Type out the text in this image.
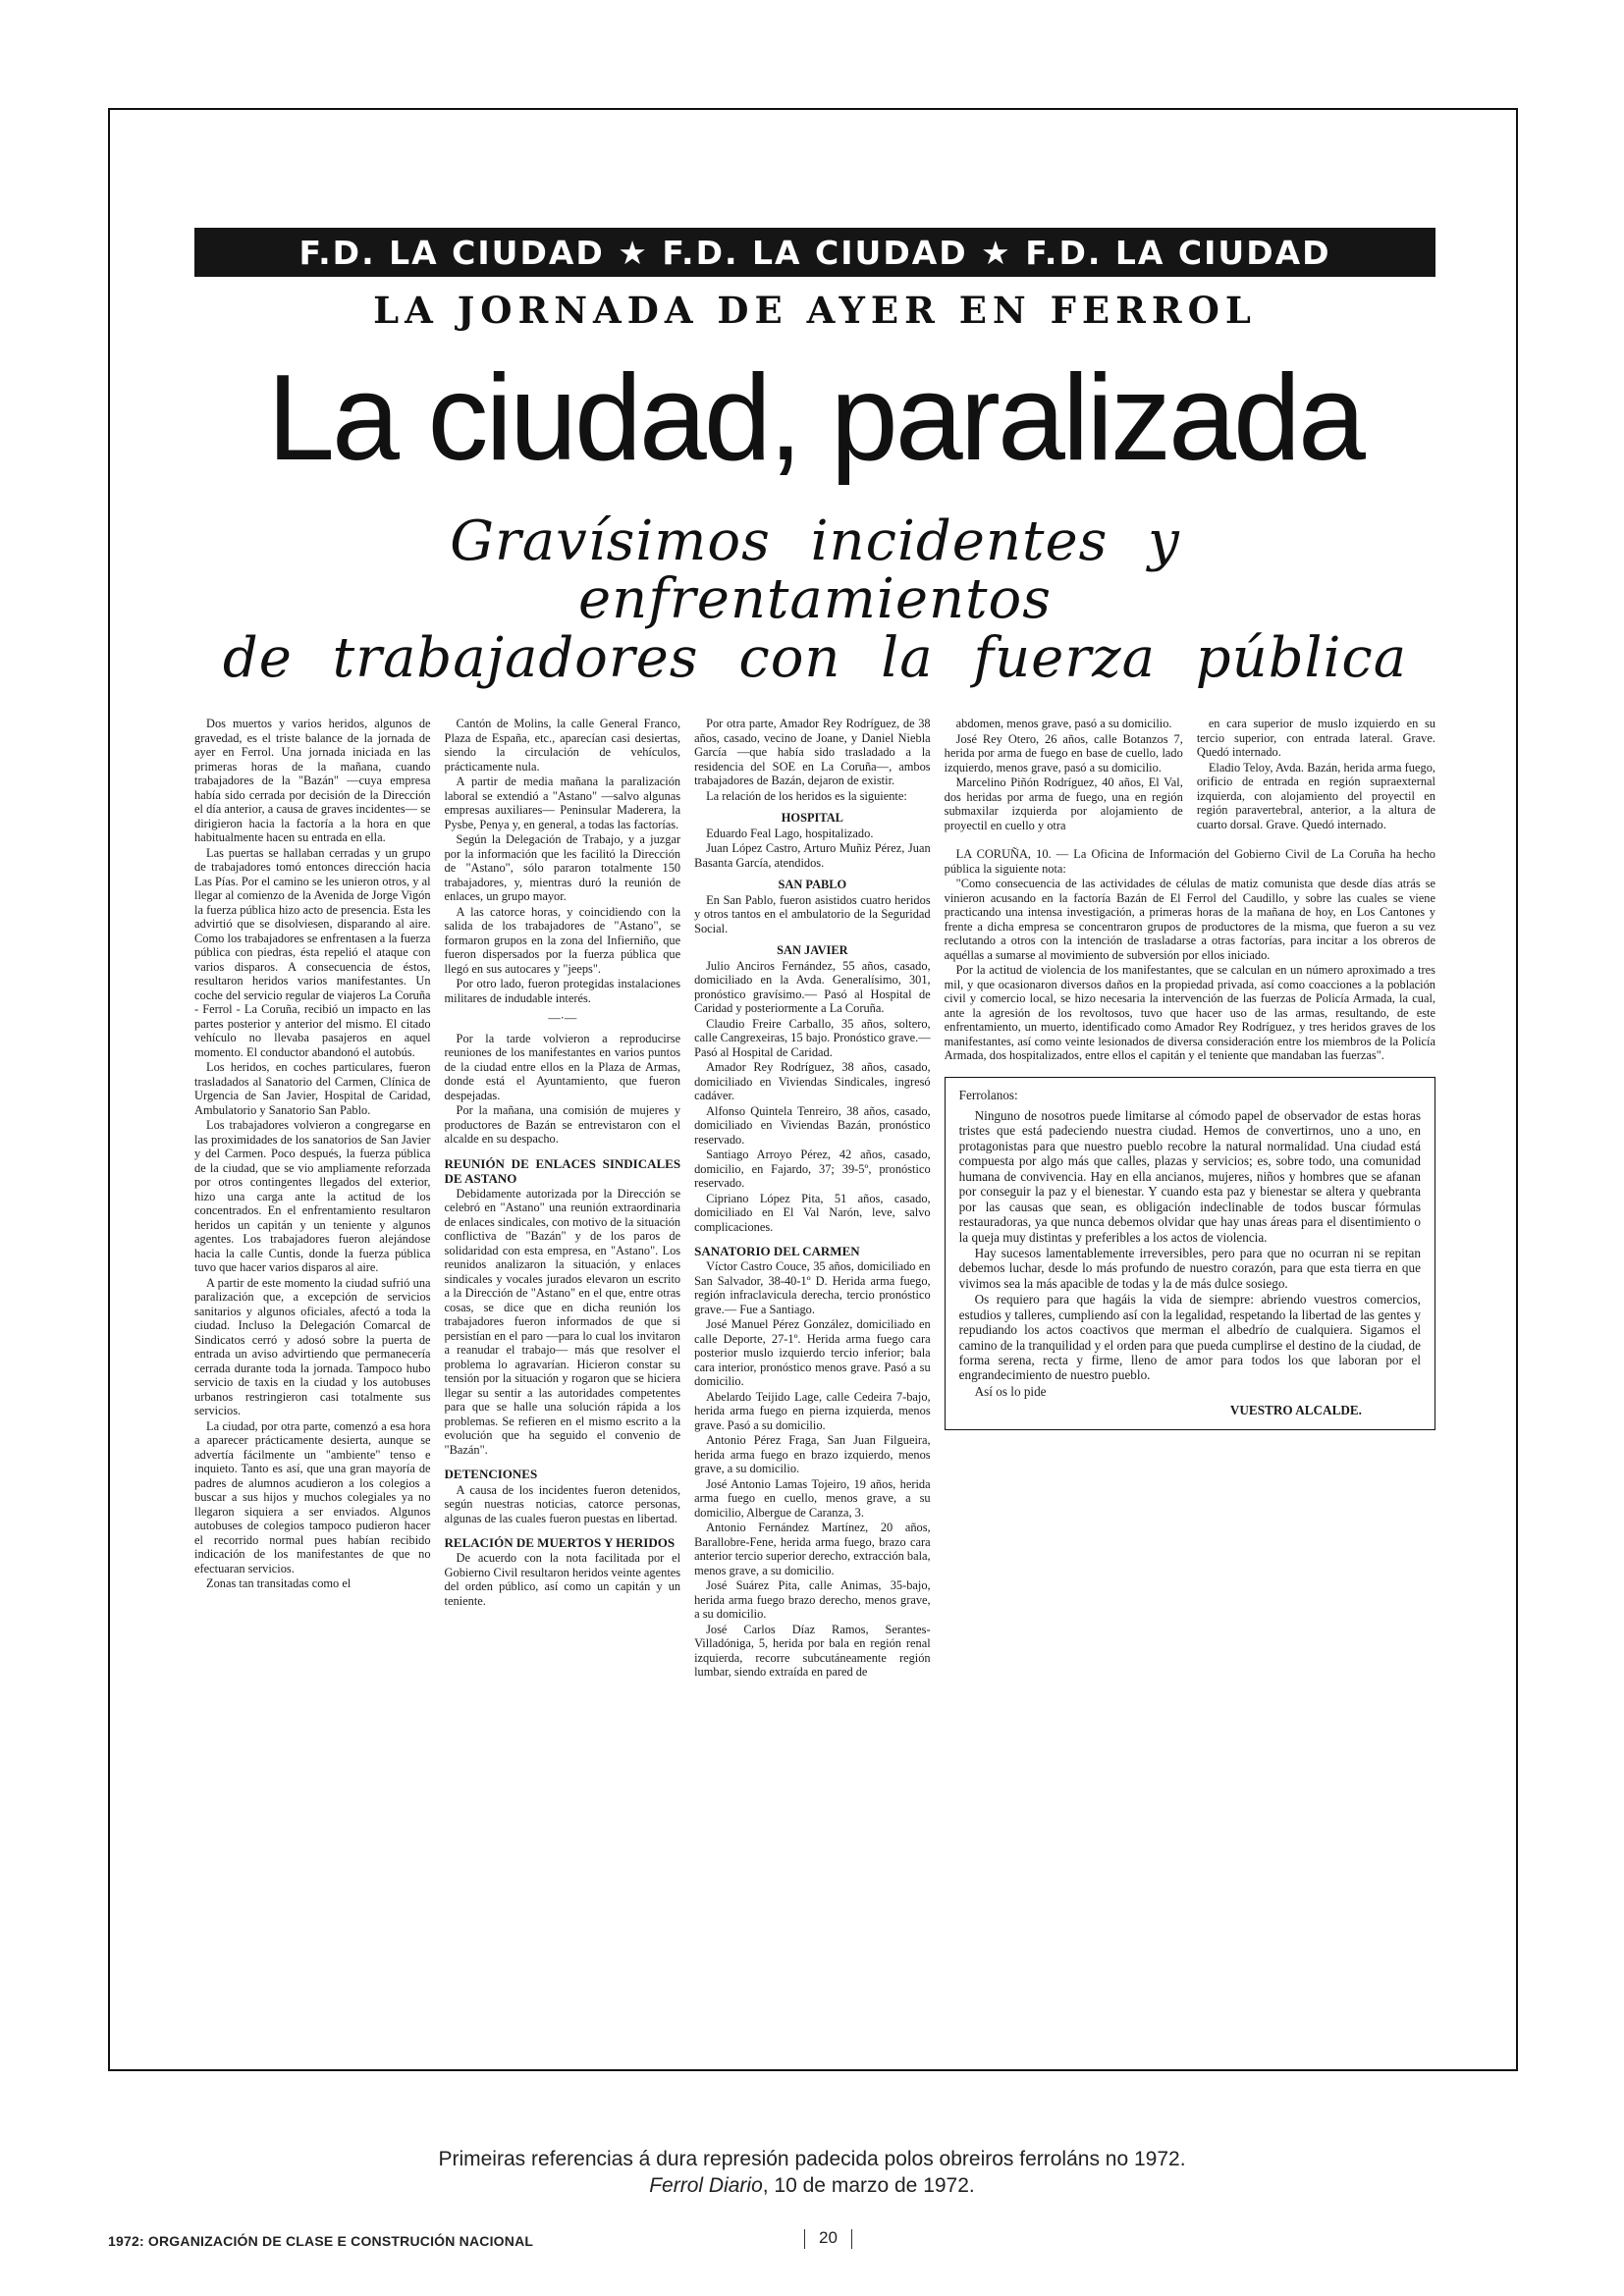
F.D. LA CIUDAD ★ F.D. LA CIUDAD ★ F.D. LA CIUDAD
LA JORNADA DE AYER EN FERROL
La ciudad, paralizada
Gravísimos incidentes y enfrentamientos
de trabajadores con la fuerza pública

Dos muertos y varios heridos, algunos de gravedad, es el triste balance de la jornada de ayer en Ferrol. Una jornada iniciada en las primeras horas de la mañana, cuando trabajadores de la "Bazán" —cuya empresa había sido cerrada por decisión de la Dirección el día anterior, a causa de graves incidentes— se dirigieron hacia la factoría a la hora en que habitualmente hacen su entrada en ella.

Las puertas se hallaban cerradas y un grupo de trabajadores tomó entonces dirección hacia Las Pías. Por el camino se les unieron otros, y al llegar al comienzo de la Avenida de Jorge Vigón la fuerza pública hizo acto de presencia. Esta les advirtió que se disolviesen, disparando al aire. Como los trabajadores se enfrentasen a la fuerza pública con piedras, ésta repelió el ataque con varios disparos. A consecuencia de éstos, resultaron heridos varios manifestantes. Un coche del servicio regular de viajeros La Coruña - Ferrol - La Coruña, recibió un impacto en las partes posterior y anterior del mismo. El citado vehículo no llevaba pasajeros en aquel momento. El conductor abandonó el autobús.

Los heridos, en coches particulares, fueron trasladados al Sanatorio del Carmen, Clínica de Urgencia de San Javier, Hospital de Caridad, Ambulatorio y Sanatorio San Pablo.

Los trabajadores volvieron a congregarse en las proximidades de los sanatorios de San Javier y del Carmen. Poco después, la fuerza pública de la ciudad, que se vio ampliamente reforzada por otros contingentes llegados del exterior, hizo una carga ante la actitud de los concentrados. En el enfrentamiento resultaron heridos un capitán y un teniente y algunos agentes. Los trabajadores fueron alejándose hacia la calle Cuntis, donde la fuerza pública tuvo que hacer varios disparos al aire.

A partir de este momento la ciudad sufrió una paralización que, a excepción de servicios sanitarios y algunos oficiales, afectó a toda la ciudad. Incluso la Delegación Comarcal de Sindicatos cerró y adosó sobre la puerta de entrada un aviso advirtiendo que permanecería cerrada durante toda la jornada. Tampoco hubo servicio de taxis en la ciudad y los autobuses urbanos restringieron casi totalmente sus servicios.

La ciudad, por otra parte, comenzó a esa hora a aparecer prácticamente desierta, aunque se advertía fácilmente un "ambiente" tenso e inquieto. Tanto es así, que una gran mayoría de padres de alumnos acudieron a los colegios a buscar a sus hijos y muchos colegiales ya no llegaron siquiera a ser enviados. Algunos autobuses de colegios tampoco pudieron hacer el recorrido normal pues habían recibido indicación de los manifestantes de que no efectuaran servicios.

Zonas tan transitadas como el

Cantón de Molins, la calle General Franco, Plaza de España, etc., aparecían casi desiertas, siendo la circulación de vehículos, prácticamente nula.

A partir de media mañana la paralización laboral se extendió a "Astano" —salvo algunas empresas auxiliares— Peninsular Maderera, la Pysbe, Penya y, en general, a todas las factorías.

Según la Delegación de Trabajo, y a juzgar por la información que les facilitó la Dirección de "Astano", sólo pararon totalmente 150 trabajadores, y, mientras duró la reunión de enlaces, un grupo mayor.

A las catorce horas, y coincidiendo con la salida de los trabajadores de "Astano", se formaron grupos en la zona del Infierniño, que fueron dispersados por la fuerza pública que llegó en sus autocares y "jeeps".

Por otro lado, fueron protegidas instalaciones militares de indudable interés.

—·—

Por la tarde volvieron a reproducirse reuniones de los manifestantes en varios puntos de la ciudad entre ellos en la Plaza de Armas, donde está el Ayuntamiento, que fueron despejadas.

Por la mañana, una comisión de mujeres y productores de Bazán se entrevistaron con el alcalde en su despacho.

REUNIÓN DE ENLACES SINDICALES DE ASTANO

Debidamente autorizada por la Dirección se celebró en "Astano" una reunión extraordinaria de enlaces sindicales, con motivo de la situación conflictiva de "Bazán" y de los paros de solidaridad con esta empresa, en "Astano". Los reunidos analizaron la situación, y enlaces sindicales y vocales jurados elevaron un escrito a la Dirección de "Astano" en el que, entre otras cosas, se dice que en dicha reunión los trabajadores fueron informados de que si persistían en el paro —para lo cual los invitaron a reanudar el trabajo— más que resolver el problema lo agravarían. Hicieron constar su tensión por la situación y rogaron que se hiciera llegar su sentir a las autoridades competentes para que se halle una solución rápida a los problemas. Se refieren en el mismo escrito a la evolución que ha seguido el convenio de "Bazán".

DETENCIONES

A causa de los incidentes fueron detenidos, según nuestras noticias, catorce personas, algunas de las cuales fueron puestas en libertad.

RELACIÓN DE MUERTOS Y HERIDOS

De acuerdo con la nota facilitada por el Gobierno Civil resultaron heridos veinte agentes del orden público, así como un capitán y un teniente.

Por otra parte, Amador Rey Rodríguez, de 38 años, casado, vecino de Joane, y Daniel Niebla García —que había sido trasladado a la residencia del SOE en La Coruña—, ambos trabajadores de Bazán, dejaron de existir.

La relación de los heridos es la siguiente:

HOSPITAL

Eduardo Feal Lago, hospitalizado.

Juan López Castro, Arturo Muñiz Pérez, Juan Basanta García, atendidos.

SAN PABLO

En San Pablo, fueron asistidos cuatro heridos y otros tantos en el ambulatorio de la Seguridad Social.

SAN JAVIER

Julio Anciros Fernández, 55 años, casado, domiciliado en la Avda. Generalísimo, 301, pronóstico gravísimo.— Pasó al Hospital de Caridad y posteriormente a La Coruña.

Claudio Freire Carballo, 35 años, soltero, calle Cangrexeiras, 15 bajo. Pronóstico grave.— Pasó al Hospital de Caridad.

Amador Rey Rodríguez, 38 años, casado, domiciliado en Viviendas Sindicales, ingresó cadáver.

Alfonso Quintela Tenreiro, 38 años, casado, domiciliado en Viviendas Bazán, pronóstico reservado.

Santiago Arroyo Pérez, 42 años, casado, domicilio, en Fajardo, 37; 39-5º, pronóstico reservado.

Cipriano López Pita, 51 años, casado, domiciliado en El Val Narón, leve, salvo complicaciones.

SANATORIO DEL CARMEN

Víctor Castro Couce, 35 años, domiciliado en San Salvador, 38-40-1º D. Herida arma fuego, región infraclavicula derecha, tercio pronóstico grave.— Fue a Santiago.

José Manuel Pérez González, domiciliado en calle Deporte, 27-1º. Herida arma fuego cara posterior muslo izquierdo tercio inferior; bala cara interior, pronóstico menos grave. Pasó a su domicilio.

Abelardo Teijido Lage, calle Cedeira 7-bajo, herida arma fuego en pierna izquierda, menos grave. Pasó a su domicilio.

Antonio Pérez Fraga, San Juan Filgueira, herida arma fuego en brazo izquierdo, menos grave, a su domicilio.

José Antonio Lamas Tojeiro, 19 años, herida arma fuego en cuello, menos grave, a su domicilio, Albergue de Caranza, 3.

Antonio Fernández Martínez, 20 años, Barallobre-Fene, herida arma fuego, brazo cara anterior tercio superior derecho, extracción bala, menos grave, a su domicilio.

José Suárez Pita, calle Animas, 35-bajo, herida arma fuego brazo derecho, menos grave, a su domicilio.

José Carlos Díaz Ramos, Serantes-Villadóniga, 5, herida por bala en región renal izquierda, recorre subcutáneamente región lumbar, siendo extraída en pared de

abdomen, menos grave, pasó a su domicilio.

José Rey Otero, 26 años, calle Botanzos 7, herida por arma de fuego en base de cuello, lado izquierdo, menos grave, pasó a su domicilio.

Marcelino Piñón Rodríguez, 40 años, El Val, dos heridas por arma de fuego, una en región submaxilar izquierda por alojamiento de proyectil en cuello y otra

en cara superior de muslo izquierdo en su tercio superior, con entrada lateral. Grave. Quedó internado.

Eladio Teloy, Avda. Bazán, herida arma fuego, orificio de entrada en región supraexternal izquierda, con alojamiento del proyectil en región paravertebral, anterior, a la altura de cuarto dorsal. Grave. Quedó internado.

LA CORUÑA, 10. — La Oficina de Información del Gobierno Civil de La Coruña ha hecho pública la siguiente nota:

"Como consecuencia de las actividades de células de matiz comunista que desde días atrás se vinieron acusando en la factoría Bazán de El Ferrol del Caudillo, y sobre las cuales se viene practicando una intensa investigación, a primeras horas de la mañana de hoy, en Los Cantones y frente a dicha empresa se concentraron grupos de productores de la misma, que fueron a su vez reclutando a otros con la intención de trasladarse a otras factorías, para incitar a los obreros de aquéllas a sumarse al movimiento de subversión por ellos iniciado.

Por la actitud de violencia de los manifestantes, que se calculan en un número aproximado a tres mil, y que ocasionaron diversos daños en la propiedad privada, así como coacciones a la población civil y comercio local, se hizo necesaria la intervención de las fuerzas de Policía Armada, la cual, ante la agresión de los revoltosos, tuvo que hacer uso de las armas, resultando, de este enfrentamiento, un muerto, identificado como Amador Rey Rodríguez, y tres heridos graves de los manifestantes, así como veinte lesionados de diversa consideración entre los miembros de la Policía Armada, dos hospitalizados, entre ellos el capitán y el teniente que mandaban las fuerzas".

Ferrolanos:

Ninguno de nosotros puede limitarse al cómodo papel de observador de estas horas tristes que está padeciendo nuestra ciudad. Hemos de convertirnos, uno a uno, en protagonistas para que nuestro pueblo recobre la natural normalidad. Una ciudad está compuesta por algo más que calles, plazas y servicios; es, sobre todo, una comunidad humana de convivencia. Hay en ella ancianos, mujeres, niños y hombres que se afanan por conseguir la paz y el bienestar. Y cuando esta paz y bienestar se altera y quebranta por las causas que sean, es obligación indeclinable de todos buscar fórmulas restauradoras, ya que nunca debemos olvidar que hay unas áreas para el disentimiento o la queja muy distintas y preferibles a los actos de violencia.

Hay sucesos lamentablemente irreversibles, pero para que no ocurran ni se repitan debemos luchar, desde lo más profundo de nuestro corazón, para que esta tierra en que vivimos sea la más apacible de todas y la de más dulce sosiego.

Os requiero para que hagáis la vida de siempre: abriendo vuestros comercios, estudios y talleres, cumpliendo así con la legalidad, respetando la libertad de las gentes y repudiando los actos coactivos que merman el albedrío de cualquiera. Sigamos el camino de la tranquilidad y el orden para que pueda cumplirse el destino de la ciudad, de forma serena, recta y firme, lleno de amor para todos los que laboran por el engrandecimiento de nuestro pueblo.

Así os lo pide

VUESTRO ALCALDE.

Primeiras referencias á dura represión padecida polos obreiros ferroláns no 1972.
Ferrol Diario, 10 de marzo de 1972.
1972: ORGANIZACIÓN DE CLASE E CONSTRUCIÓN NACIONAL	20
